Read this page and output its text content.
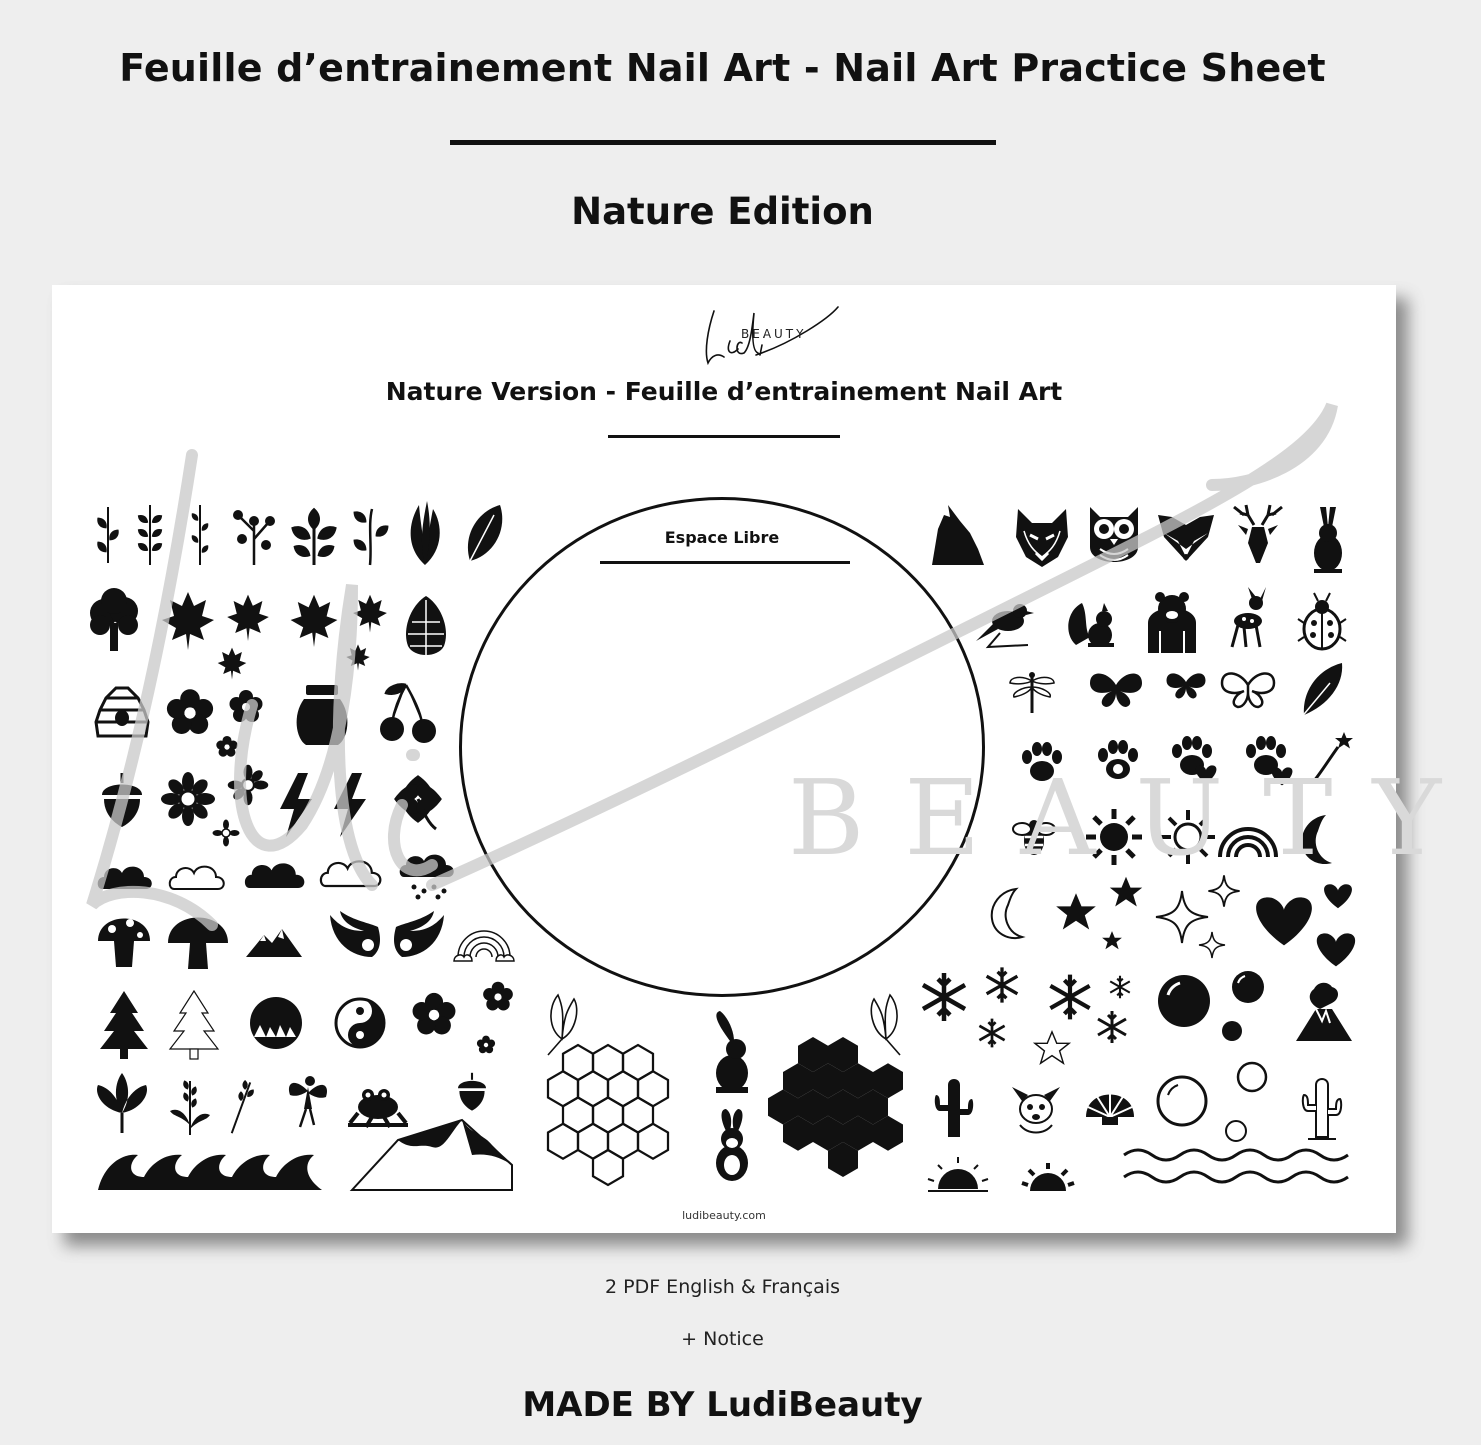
Feuille d’entrainement Nail Art - Nail Art Practice Sheet
Nature Edition
BEAUTY
Nature Version - Feuille d’entrainement Nail Art
Espace Libre
BEAUTY
ludibeauty.com
2 PDF English & Français
+ Notice
MADE BY LudiBeauty
